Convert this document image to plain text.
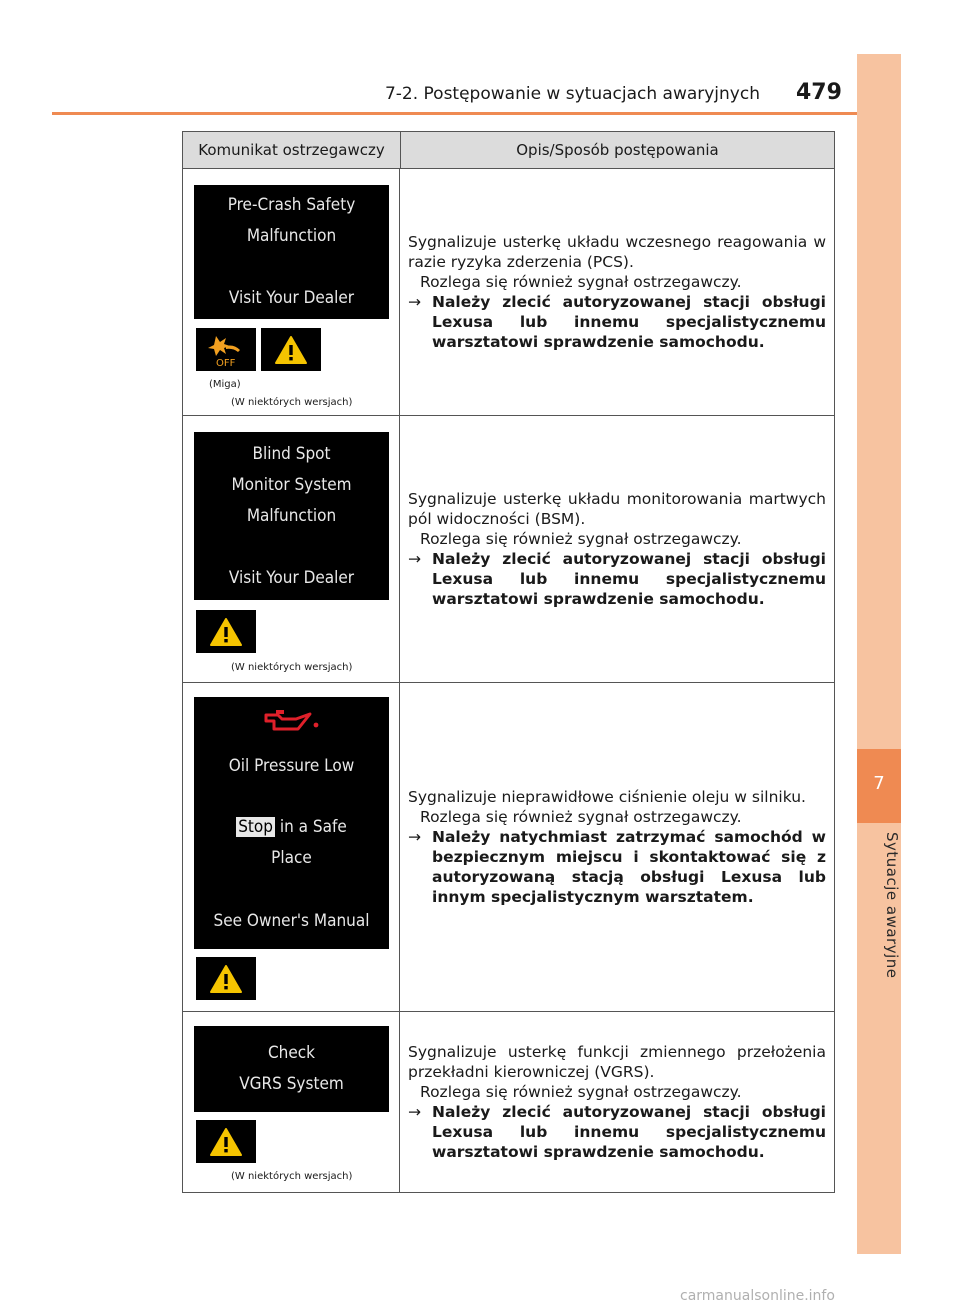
7-2. Postępowanie w sytuacjach awaryjnych 479
7
Sytuacje awaryjne
Komunikat ostrzegawczy	Opis/Sposób postępowania
Pre-Crash Safety
Malfunction
Visit Your Dealer
OFF
(Miga)
(W niektórych wersjach)
Sygnalizuje usterkę układu wczesnego reagowania w razie ryzyka zderzenia (PCS).
Rozlega się również sygnał ostrzegawczy.
→ Należy zlecić autoryzowanej stacji obsługi Lexusa lub innemu specjalistycznemu warsztatowi sprawdzenie samochodu.
Blind Spot
Monitor System
Malfunction
Visit Your Dealer
(W niektórych wersjach)
Sygnalizuje usterkę układu monitorowania martwych pól widoczności (BSM).
Rozlega się również sygnał ostrzegawczy.
→ Należy zlecić autoryzowanej stacji obsługi Lexusa lub innemu specjalistycznemu warsztatowi sprawdzenie samochodu.
Oil Pressure Low
Stop in a Safe
Place
See Owner's Manual
Sygnalizuje nieprawidłowe ciśnienie oleju w silniku.
Rozlega się również sygnał ostrzegawczy.
→ Należy natychmiast zatrzymać samochód w bezpiecznym miejscu i skontaktować się z autoryzowaną stacją obsługi Lexusa lub innym specjalistycznym warsztatem.
Check
VGRS System
(W niektórych wersjach)
Sygnalizuje usterkę funkcji zmiennego przełożenia przekładni kierowniczej (VGRS).
Rozlega się również sygnał ostrzegawczy.
→ Należy zlecić autoryzowanej stacji obsługi Lexusa lub innemu specjalistycznemu warsztatowi sprawdzenie samochodu.
carmanualsonline.info
